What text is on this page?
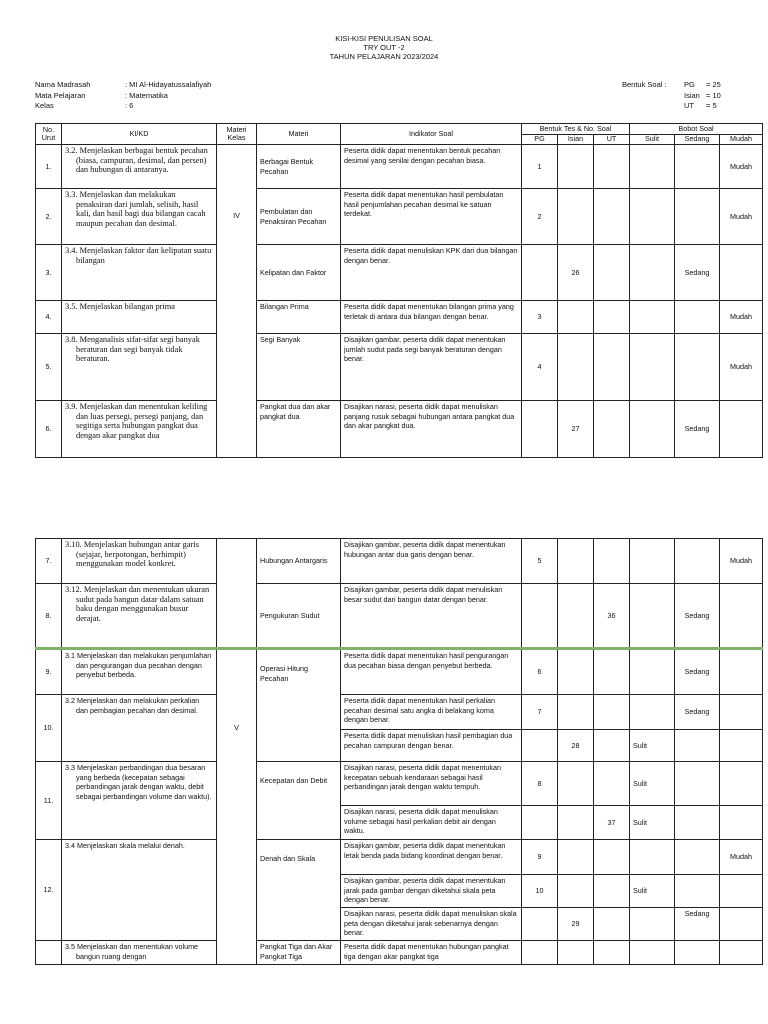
KISI-KISI PENULISAN SOAL
TRY OUT -2
TAHUN PELAJARAN 2023/2024
Nama Madrasah	: MI Al-Hidayatussalafiyah
Mata Pelajaran	: Matematika
Kelas	: 6
Bentuk Soal :	PG	= 25
Isian = 10
UT	= 5
No. Urut	KI/KD	Materi Kelas	Materi	Indikator Soal	Bentuk Tes & No. Soal			Bobot Soal		
					PG	Isian	UT	Sulit	Sedang	Mudah
1.	3.2. Menjelaskan berbagai bentuk pecahan (biasa, campuran, desimal, dan persen) dan hubungan di antaranya.	IV	Berbagai Bentuk Pecahan	Peserta didik dapat menentukan bentuk pecahan desimal yang senilai dengan pecahan biasa.	1					Mudah
2.	3.3. Menjelaskan dan melakukan penaksiran dari jumlah, selisih, hasil kali, dan hasil bagi dua bilangan cacah maupun pecahan dan desimal.		Pembulatan dan Penaksiran Pecahan	Peserta didik dapat menentukan hasil pembulatan hasil penjumlahan pecahan desimal ke satuan terdekat.	2					Mudah
3.	3.4. Menjelaskan faktor dan kelipatan suatu bilangan		Kelipatan dan Faktor	Peserta didik dapat menuliskan KPK dari dua bilangan dengan benar.		26			Sedang	
4.	3.5. Menjelaskan bilangan prima		Bilangan Prima	Peserta didik dapat menentukan bilangan prima yang terletak di antara dua bilangan dengan benar.	3					Mudah
5.	3.8. Menganalisis sifat-sifat segi banyak beraturan dan segi banyak tidak beraturan.		Segi Banyak	Disajikan gambar, peserta didik dapat menentukan jumlah sudut pada segi banyak beraturan dengan benar.	4					Mudah
6.	3.9. Menjelaskan dan menentukan keliling dan luas persegi, persegi panjang, dan segitiga serta hubungan pangkat dua dengan akar pangkat dua		Pangkat dua dan akar pangkat dua	Disajikan narasi, peserta didik dapat menuliskan panjang rusuk sebagai hubungan antara pangkat dua dan akar pangkat dua.		27			Sedang	
7.	3.10. Menjelaskan hubungan antar garis (sejajar, berpotongan, berhimpit) menggunakan model konkret.		Hubungan Antargaris	Disajikan gambar, peserta didik dapat menentukan hubungan antar dua garis dengan benar.	5					Mudah
8.	3.12. Menjelaskan dan menentukan ukuran sudut pada bangun datar dalam satuan baku dengan menggunakan busur derajat.		Pengukuran Sudut	Disajikan gambar, peserta didik dapat menuliskan besar sudut dari bangun datar dengan benar.			36		Sedang	
9.	3.1 Menjelaskan dan melakukan penjumlahan dan pengurangan dua pecahan dengan penyebut berbeda.	V	Operasi Hitung Pecahan	Peserta didik dapat menentukan hasil pengurangan dua pecahan biasa dengan penyebut berbeda.	6				Sedang	
10.	3.2 Menjelaskan dan melakukan perkalian dan pembagian pecahan dan desimal.			Peserta didik dapat menentukan hasil perkalian pecahan desimal satu angka di belakang koma dengan benar.	7				Sedang	
				Peserta didik dapat menuliskan hasil pembagian dua pecahan campuran dengan benar.		28		Sulit		
11.	3.3 Menjelaskan perbandingan dua besaran yang berbeda (kecepatan sebagai perbandingan jarak dengan waktu, debit sebagai perbandingan volume dan waktu).		Kecepatan dan Debit	Disajikan narasi, peserta didik dapat menentukan kecepatan sebuah kendaraan sebagai hasil perbandingan jarak dengan waktu tempuh.	8			Sulit		
				Disajikan narasi, peserta didik dapat menuliskan volume sebagai hasil perkalian debit air dengan waktu.			37	Sulit		
12.	3.4 Menjelaskan skala melalui denah.		Denah dan Skala	Disajikan gambar, peserta didik dapat menentukan letak benda pada bidang koordinat dengan benar.	9					Mudah
				Disajikan gambar, peserta didik dapat menentukan jarak pada gambar dengan diketahui skala peta dengan benar.	10			Sulit		
				Disajikan narasi, peserta didik dapat menuliskan skala peta dengan diketahui jarak sebenarnya dengan benar.		29			Sedang	
	3.5 Menjelaskan dan menentukan volume bangun ruang dengan		Pangkat Tiga dan Akar Pangkat Tiga	Peserta didik dapat menentukan hubungan pangkat tiga dengan akar pangkat tiga						
